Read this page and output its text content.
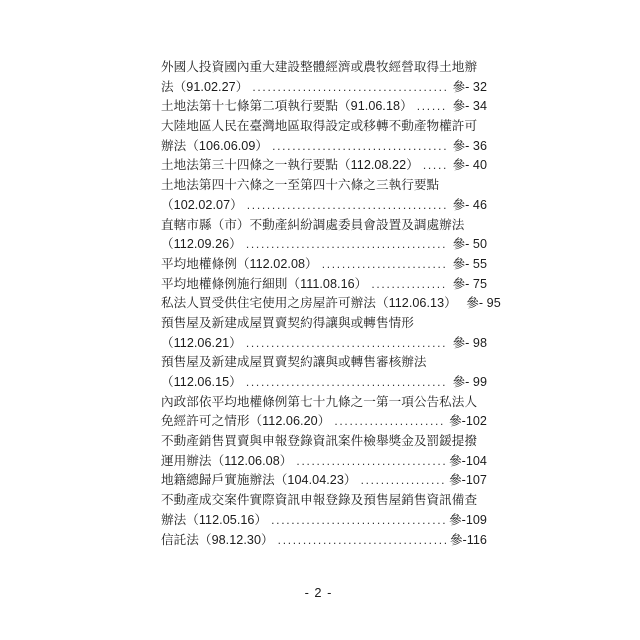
外國人投資國內重大建設整體經濟或農牧經營取得土地辦
法（91.02.27） .....	參- 32
土地法第十七條第二項執行要點（91.06.18） .....	參- 34
大陸地區人民在臺灣地區取得設定或移轉不動產物權許可
辦法（106.06.09） .....	參- 36
土地法第三十四條之一執行要點（112.08.22） .....	參- 40
土地法第四十六條之一至第四十六條之三執行要點
（102.02.07） .....	參- 46
直轄市縣（市）不動產糾紛調處委員會設置及調處辦法
（112.09.26） .....	參- 50
平均地權條例（112.02.08） .....	參- 55
平均地權條例施行細則（111.08.16） .....	參- 75
私法人買受供住宅使用之房屋許可辦法（112.06.13） 參- 95
預售屋及新建成屋買賣契約得讓與或轉售情形
（112.06.21） .....	參- 98
預售屋及新建成屋買賣契約讓與或轉售審核辦法
（112.06.15） .....	參- 99
內政部依平均地權條例第七十九條之一第一項公告私法人
免經許可之情形（112.06.20） .....	參-102
不動產銷售買賣與申報登錄資訊案件檢舉獎金及罰鍰提撥
運用辦法（112.06.08） .....	參-104
地籍總歸戶實施辦法（104.04.23） .....	參-107
不動產成交案件實際資訊申報登錄及預售屋銷售資訊備查
辦法（112.05.16） .....	參-109
信託法（98.12.30） .....	參-116
- 2 -
